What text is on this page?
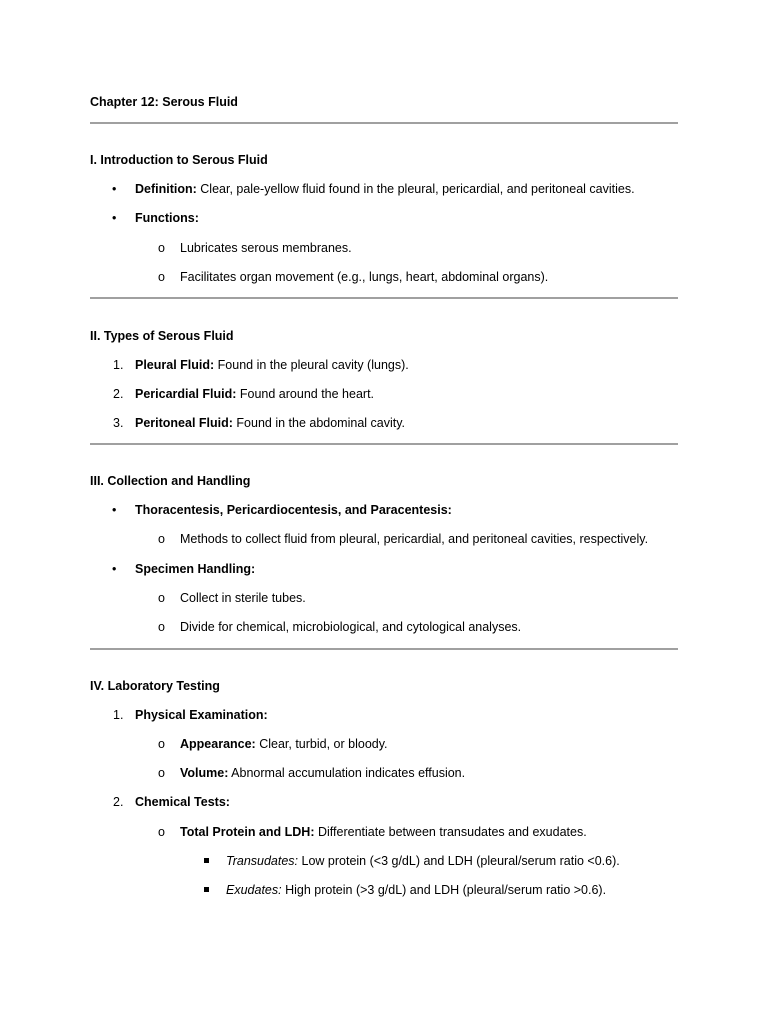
Chapter 12: Serous Fluid
I. Introduction to Serous Fluid
• Definition: Clear, pale-yellow fluid found in the pleural, pericardial, and peritoneal cavities.
• Functions:
o Lubricates serous membranes.
o Facilitates organ movement (e.g., lungs, heart, abdominal organs).
II. Types of Serous Fluid
1. Pleural Fluid: Found in the pleural cavity (lungs).
2. Pericardial Fluid: Found around the heart.
3. Peritoneal Fluid: Found in the abdominal cavity.
III. Collection and Handling
• Thoracentesis, Pericardiocentesis, and Paracentesis:
o Methods to collect fluid from pleural, pericardial, and peritoneal cavities, respectively.
• Specimen Handling:
o Collect in sterile tubes.
o Divide for chemical, microbiological, and cytological analyses.
IV. Laboratory Testing
1. Physical Examination:
o Appearance: Clear, turbid, or bloody.
o Volume: Abnormal accumulation indicates effusion.
2. Chemical Tests:
o Total Protein and LDH: Differentiate between transudates and exudates.
Transudates: Low protein (<3 g/dL) and LDH (pleural/serum ratio <0.6).
Exudates: High protein (>3 g/dL) and LDH (pleural/serum ratio >0.6).
